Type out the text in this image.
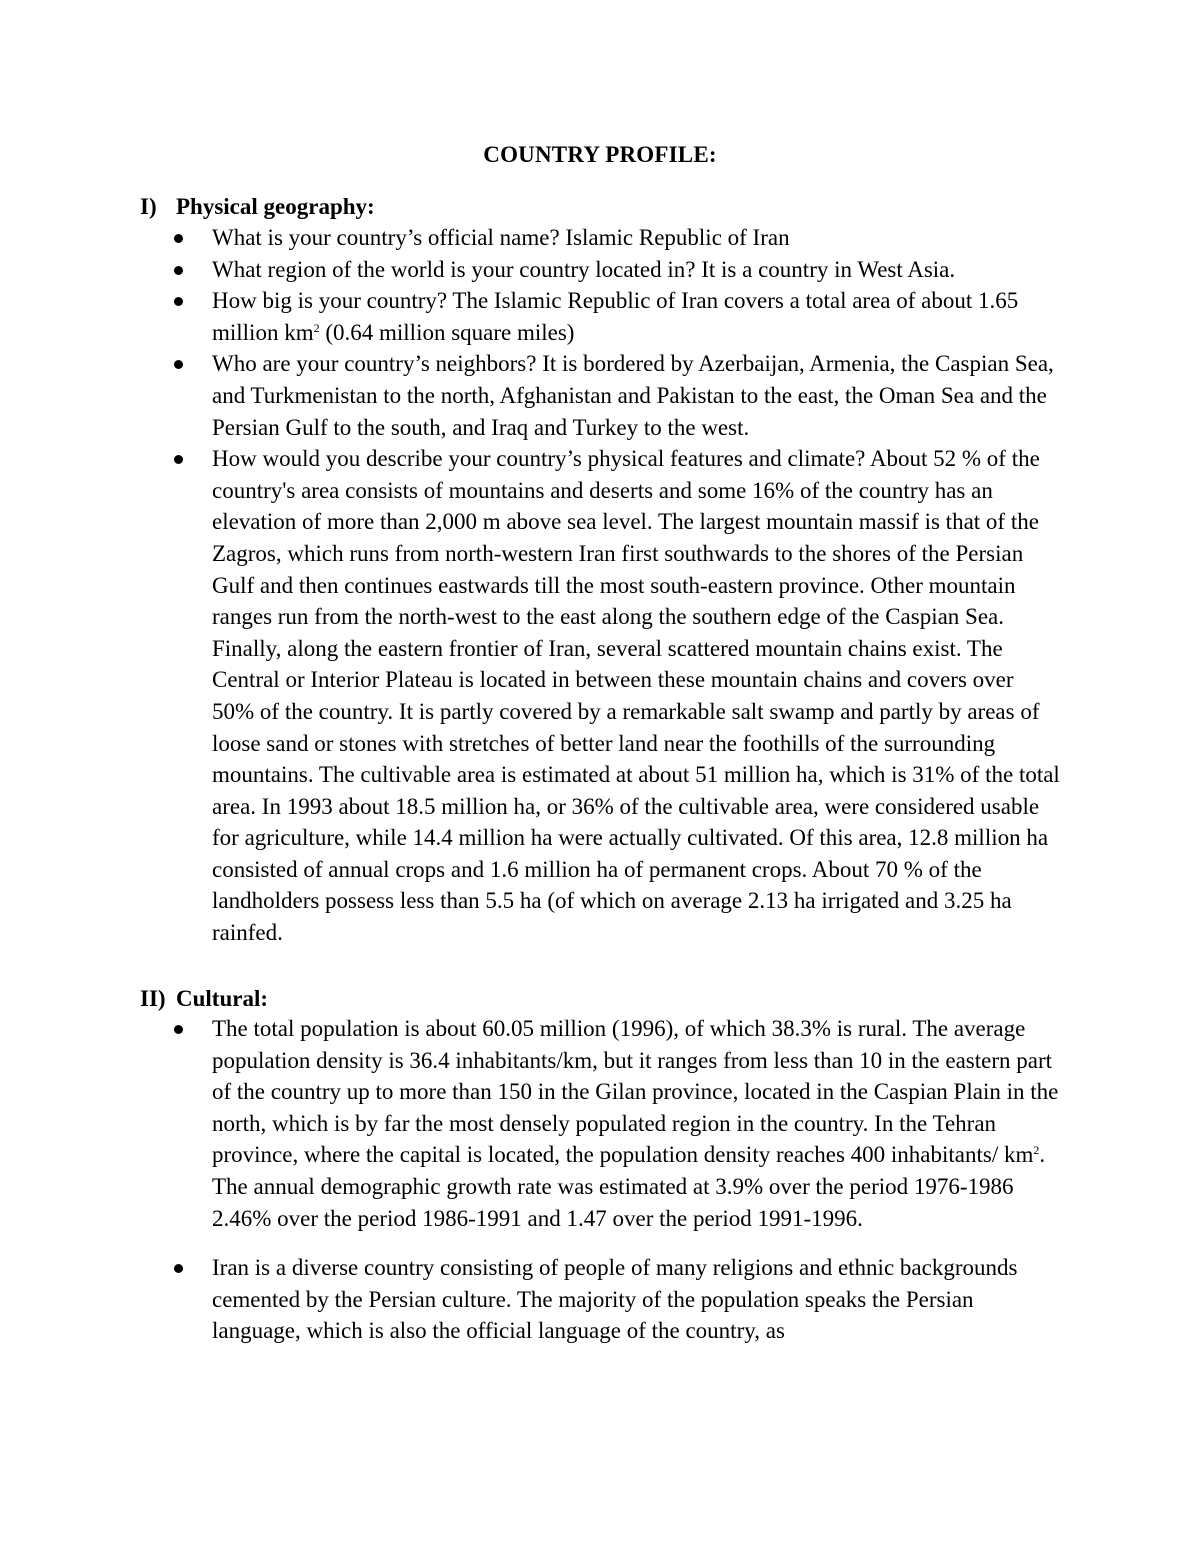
COUNTRY PROFILE:
I) Physical geography:
What is your country’s official name? Islamic Republic of Iran
What region of the world is your country located in? It is a country in West Asia.
How big is your country? The Islamic Republic of Iran covers a total area of about 1.65 million $km^2$ (0.64 million square miles)
Who are your country’s neighbors? It is bordered by Azerbaijan, Armenia, the Caspian Sea, and Turkmenistan to the north, Afghanistan and Pakistan to the east, the Oman Sea and the Persian Gulf to the south, and Iraq and Turkey to the west.
How would you describe your country’s physical features and climate? About 52 % of the country's area consists of mountains and deserts and some 16% of the country has an elevation of more than 2,000 m above sea level. The largest mountain massif is that of the Zagros, which runs from north-western Iran first southwards to the shores of the Persian Gulf and then continues eastwards till the most south-eastern province. Other mountain ranges run from the north-west to the east along the southern edge of the Caspian Sea. Finally, along the eastern frontier of Iran, several scattered mountain chains exist. The Central or Interior Plateau is located in between these mountain chains and covers over 50% of the country. It is partly covered by a remarkable salt swamp and partly by areas of loose sand or stones with stretches of better land near the foothills of the surrounding mountains. The cultivable area is estimated at about 51 million ha, which is 31% of the total area. In 1993 about 18.5 million ha, or 36% of the cultivable area, were considered usable for agriculture, while 14.4 million ha were actually cultivated. Of this area, 12.8 million ha consisted of annual crops and 1.6 million ha of permanent crops. About 70 % of the landholders possess less than 5.5 ha (of which on average 2.13 ha irrigated and 3.25 ha rainfed.
II) Cultural:
The total population is about 60.05 million (1996), of which 38.3% is rural. The average population density is 36.4 inhabitants/km, but it ranges from less than 10 in the eastern part of the country up to more than 150 in the Gilan province, located in the Caspian Plain in the north, which is by far the most densely populated region in the country. In the Tehran province, where the capital is located, the population density reaches 400 inhabitants/ $km^2$. The annual demographic growth rate was estimated at 3.9% over the period 1976-1986 2.46% over the period 1986-1991 and 1.47 over the period 1991-1996.
Iran is a diverse country consisting of people of many religions and ethnic backgrounds cemented by the Persian culture. The majority of the population speaks the Persian language, which is also the official language of the country, as
